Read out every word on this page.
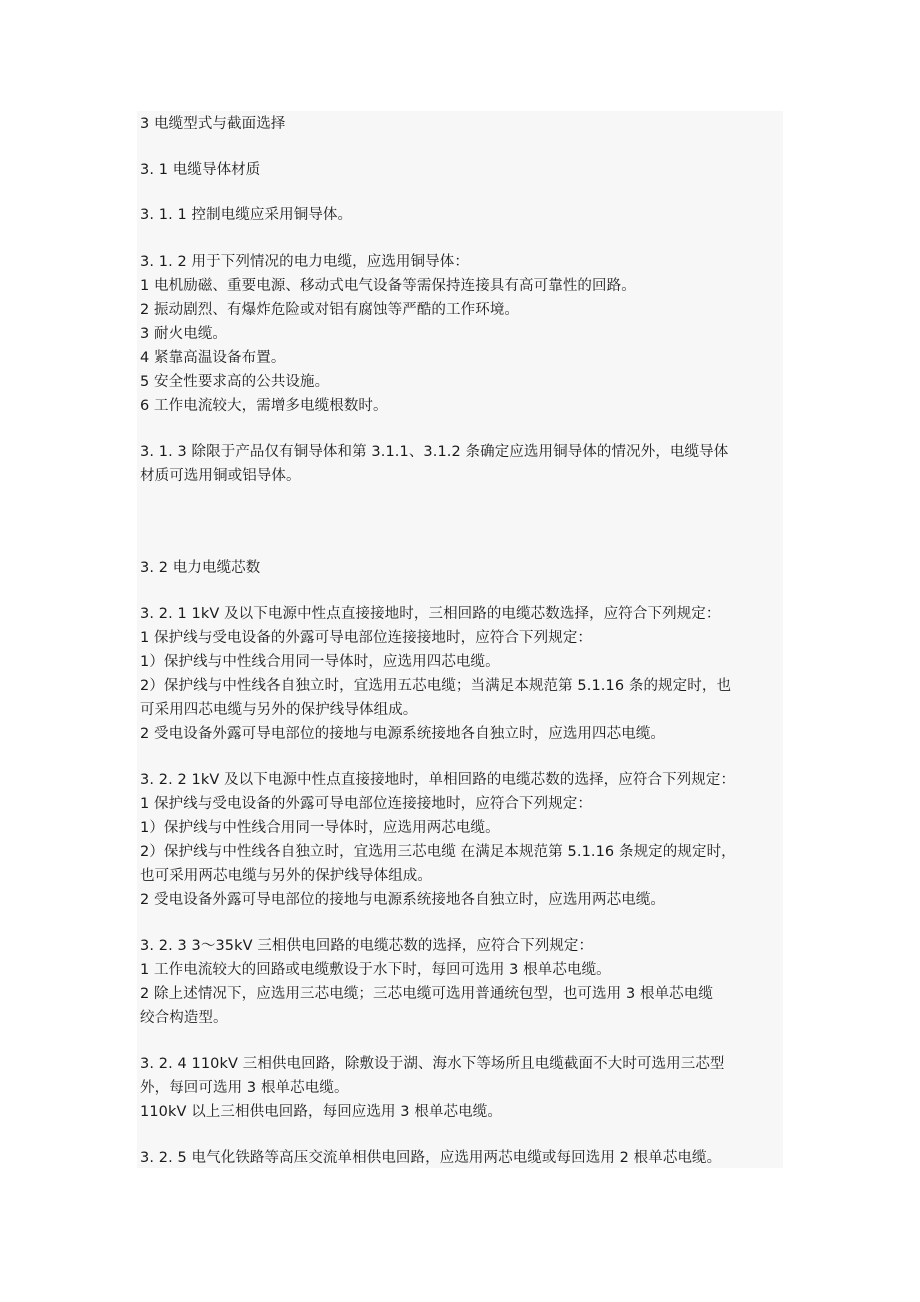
3 电缆型式与截面选择
3. 1 电缆导体材质
3. 1. 1 控制电缆应采用铜导体。
3. 1. 2 用于下列情况的电力电缆，应选用铜导体：
1 电机励磁、重要电源、移动式电气设备等需保持连接具有高可靠性的回路。
2 振动剧烈、有爆炸危险或对铝有腐蚀等严酷的工作环境。
3 耐火电缆。
4 紧靠高温设备布置。
5 安全性要求高的公共设施。
6 工作电流较大，需增多电缆根数时。
3. 1. 3 除限于产品仅有铜导体和第 3.1.1、3.1.2 条确定应选用铜导体的情况外，电缆导体
材质可选用铜或铝导体。
3. 2 电力电缆芯数
3. 2. 1 1kV 及以下电源中性点直接接地时，三相回路的电缆芯数选择，应符合下列规定：
1 保护线与受电设备的外露可导电部位连接接地时，应符合下列规定：
1）保护线与中性线合用同一导体时，应选用四芯电缆。
2）保护线与中性线各自独立时，宜选用五芯电缆；当满足本规范第 5.1.16 条的规定时，也
可采用四芯电缆与另外的保护线导体组成。
2 受电设备外露可导电部位的接地与电源系统接地各自独立时，应选用四芯电缆。
3. 2. 2 1kV 及以下电源中性点直接接地时，单相回路的电缆芯数的选择，应符合下列规定：
1 保护线与受电设备的外露可导电部位连接接地时，应符合下列规定：
1）保护线与中性线合用同一导体时，应选用两芯电缆。
2）保护线与中性线各自独立时，宜选用三芯电缆 在满足本规范第 5.1.16 条规定的规定时，
也可采用两芯电缆与另外的保护线导体组成。
2 受电设备外露可导电部位的接地与电源系统接地各自独立时，应选用两芯电缆。
3. 2. 3 3～35kV 三相供电回路的电缆芯数的选择，应符合下列规定：
1 工作电流较大的回路或电缆敷设于水下时，每回可选用 3 根单芯电缆。
2 除上述情况下，应选用三芯电缆；三芯电缆可选用普通统包型，也可选用 3 根单芯电缆
绞合构造型。
3. 2. 4 110kV 三相供电回路，除敷设于湖、海水下等场所且电缆截面不大时可选用三芯型
外，每回可选用 3 根单芯电缆。
110kV 以上三相供电回路，每回应选用 3 根单芯电缆。
3. 2. 5 电气化铁路等高压交流单相供电回路，应选用两芯电缆或每回选用 2 根单芯电缆。
